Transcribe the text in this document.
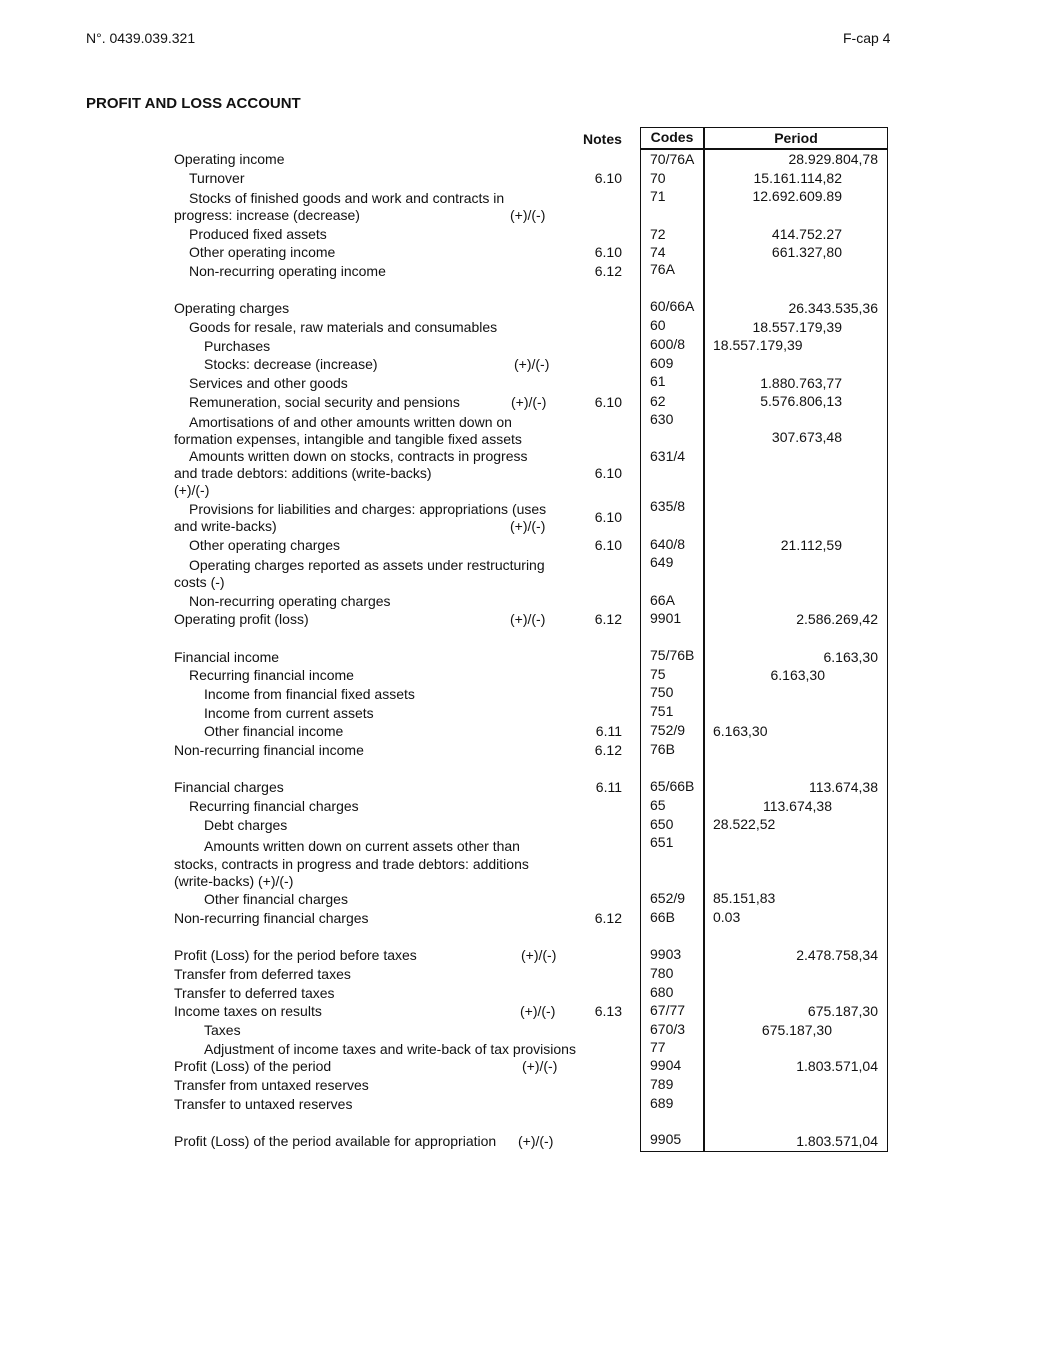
N°. 0439.039.321	F-cap 4
PROFIT AND LOSS ACCOUNT
Notes	Codes	Period
Operating income	70/76A	28.929.804,78
Turnover	6.10 70	15.161.114,82
Stocks of finished goods and work and contracts in	71	12.692.609.89
progress: increase (decrease)	(+)/(-)
Produced fixed assets	72	414.752.27
Other operating income	6.10 74	661.327,80
Non-recurring operating income	6.12 76A
Operating charges	60/66A	26.343.535,36
Goods for resale, raw materials and consumables	60	18.557.179,39
Purchases	600/8 18.557.179,39
Stocks: decrease (increase)	(+)/(-)	609
Services and other goods	61	1.880.763,77
Remuneration, social security and pensions	(+)/(-)	6.10 62	5.576.806,13
Amortisations of and other amounts written down on	630
formation expenses, intangible and tangible fixed assets	307.673,48
Amounts written down on stocks, contracts in progress	631/4
and trade debtors: additions (write-backs)	6.10
(+)/(-)
Provisions for liabilities and charges: appropriations (uses	635/8
6.10
and write-backs)	(+)/(-)
Other operating charges	6.10 640/8	21.112,59
Operating charges reported as assets under restructuring	649
costs (-)
Non-recurring operating charges	66A
Operating profit (loss)	(+)/(-)	6.12 9901	2.586.269,42
Financial income	75/76B	6.163,30
Recurring financial income	75	6.163,30
Income from financial fixed assets	750
Income from current assets	751
Other financial income	6.11 752/9 6.163,30
Non-recurring financial income	6.12 76B
Financial charges	6.11 65/66B	113.674,38
Recurring financial charges	65	113.674,38
Debt charges	650	28.522,52
Amounts written down on current assets other than	651
stocks, contracts in progress and trade debtors: additions
(write-backs) (+)/(-)
Other financial charges	652/9 85.151,83
Non-recurring financial charges	6.12 66B	0.03
Profit (Loss) for the period before taxes	(+)/(-)	9903	2.478.758,34
Transfer from deferred taxes	780
Transfer to deferred taxes	680
Income taxes on results	(+)/(-)	6.13 67/77	675.187,30
Taxes	670/3	675.187,30
Adjustment of income taxes and write-back of tax provisions	77
Profit (Loss) of the period	(+)/(-)	9904	1.803.571,04
Transfer from untaxed reserves	789
Transfer to untaxed reserves	689
Profit (Loss) of the period available for appropriation (+)/(-)	9905	1.803.571,04
